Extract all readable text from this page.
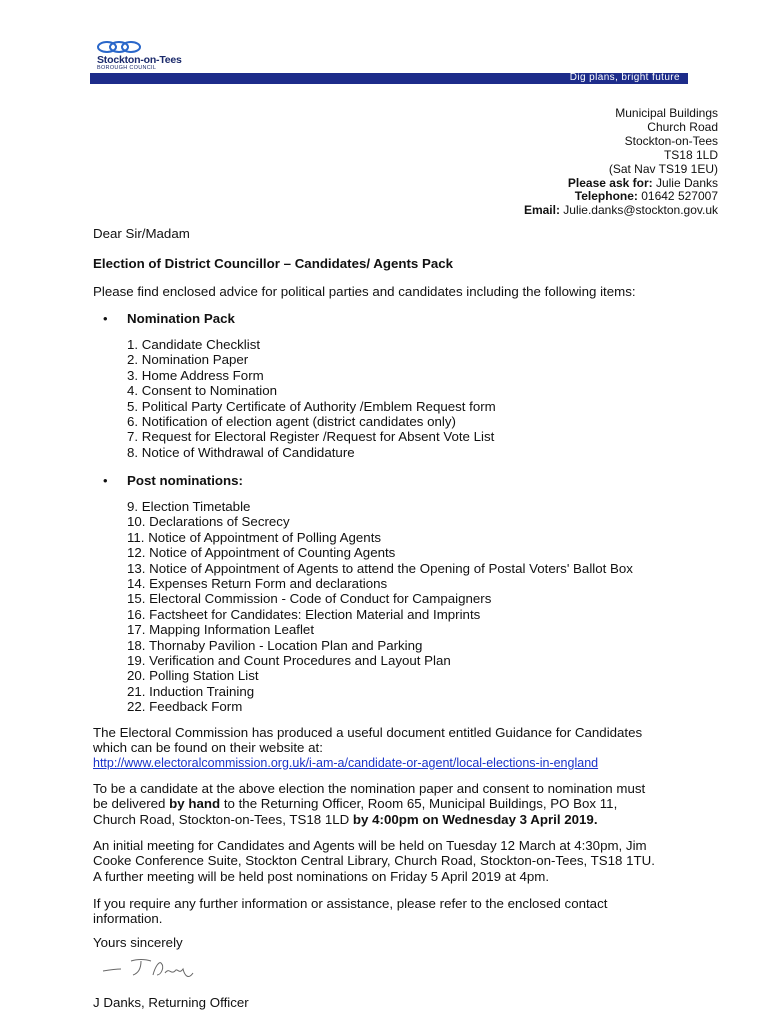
Stockton-on-Tees
BOROUGH COUNCIL
Dig plans, bright future
Municipal Buildings
Church Road
Stockton-on-Tees
TS18 1LD
(Sat Nav TS19 1EU)
Please ask for: Julie Danks
Telephone: 01642 527007
Email: Julie.danks@stockton.gov.uk
Dear Sir/Madam
Election of District Councillor – Candidates/ Agents Pack
Please find enclosed advice for political parties and candidates including the following items:
• Nomination Pack
1. Candidate Checklist
2. Nomination Paper
3. Home Address Form
4. Consent to Nomination
5. Political Party Certificate of Authority /Emblem Request form
6. Notification of election agent (district candidates only)
7. Request for Electoral Register /Request for Absent Vote List
8. Notice of Withdrawal of Candidature
• Post nominations:
9. Election Timetable
10. Declarations of Secrecy
11. Notice of Appointment of Polling Agents
12. Notice of Appointment of Counting Agents
13. Notice of Appointment of Agents to attend the Opening of Postal Voters' Ballot Box
14. Expenses Return Form and declarations
15. Electoral Commission - Code of Conduct for Campaigners
16. Factsheet for Candidates: Election Material and Imprints
17. Mapping Information Leaflet
18. Thornaby Pavilion - Location Plan and Parking
19. Verification and Count Procedures and Layout Plan
20. Polling Station List
21. Induction Training
22. Feedback Form
The Electoral Commission has produced a useful document entitled Guidance for Candidates
which can be found on their website at:
http://www.electoralcommission.org.uk/i-am-a/candidate-or-agent/local-elections-in-england
To be a candidate at the above election the nomination paper and consent to nomination must
be delivered by hand to the Returning Officer, Room 65, Municipal Buildings, PO Box 11,
Church Road, Stockton-on-Tees, TS18 1LD by 4:00pm on Wednesday 3 April 2019.
An initial meeting for Candidates and Agents will be held on Tuesday 12 March at 4:30pm, Jim
Cooke Conference Suite, Stockton Central Library, Church Road, Stockton-on-Tees, TS18 1TU.
A further meeting will be held post nominations on Friday 5 April 2019 at 4pm.
If you require any further information or assistance, please refer to the enclosed contact
information.
Yours sincerely
J Danks, Returning Officer
